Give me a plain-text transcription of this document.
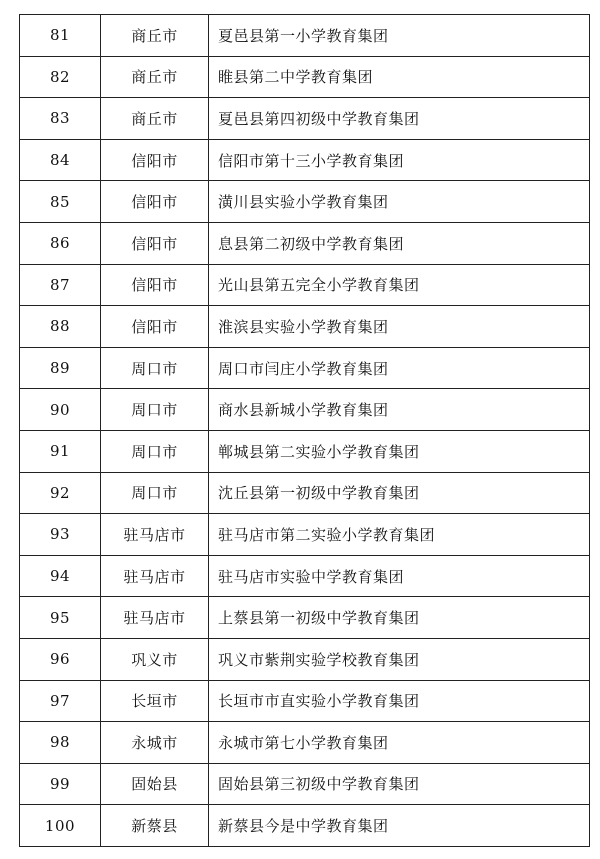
81	商丘市	夏邑县第一小学教育集团
82	商丘市	睢县第二中学教育集团
83	商丘市	夏邑县第四初级中学教育集团
84	信阳市	信阳市第十三小学教育集团
85	信阳市	潢川县实验小学教育集团
86	信阳市	息县第二初级中学教育集团
87	信阳市	光山县第五完全小学教育集团
88	信阳市	淮滨县实验小学教育集团
89	周口市	周口市闫庄小学教育集团
90	周口市	商水县新城小学教育集团
91	周口市	郸城县第二实验小学教育集团
92	周口市	沈丘县第一初级中学教育集团
93	驻马店市	驻马店市第二实验小学教育集团
94	驻马店市	驻马店市实验中学教育集团
95	驻马店市	上蔡县第一初级中学教育集团
96	巩义市	巩义市紫荆实验学校教育集团
97	长垣市	长垣市市直实验小学教育集团
98	永城市	永城市第七小学教育集团
99	固始县	固始县第三初级中学教育集团
100	新蔡县	新蔡县今是中学教育集团
